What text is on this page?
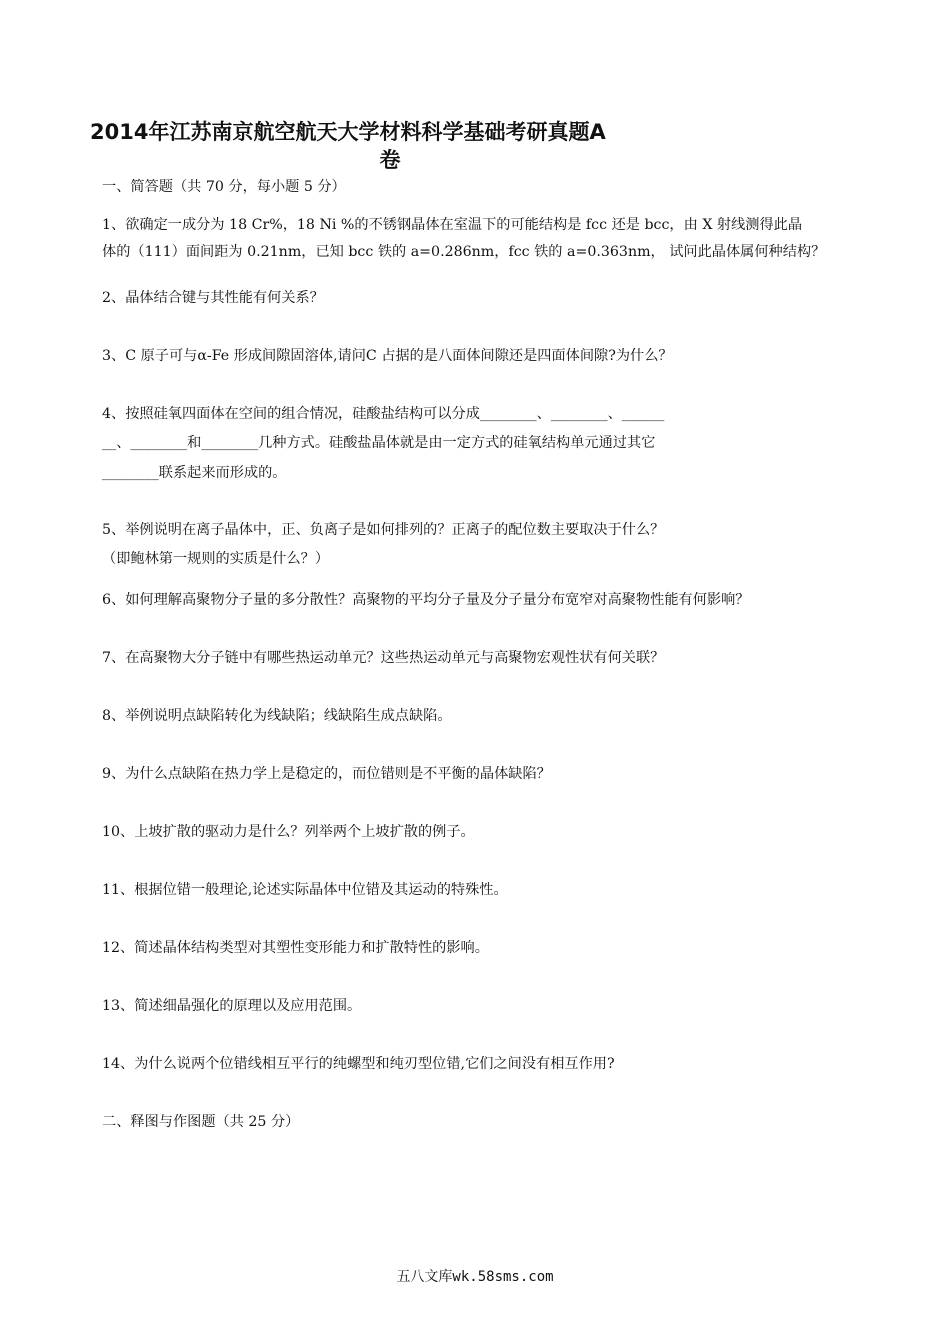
2014年江苏南京航空航天大学材料科学基础考研真题A
卷
一、简答题（共 70 分，每小题 5 分）
1、欲确定一成分为 18 Cr%，18 Ni %的不锈钢晶体在室温下的可能结构是 fcc 还是 bcc，由 X 射线测得此晶
体的（111）面间距为 0.21nm，已知 bcc 铁的 a=0.286nm，fcc 铁的 a=0.363nm， 试问此晶体属何种结构？
2、晶体结合键与其性能有何关系？
3、C 原子可与α-Fe 形成间隙固溶体,请问C 占据的是八面体间隙还是四面体间隙?为什么？
4、按照硅氧四面体在空间的组合情况，硅酸盐结构可以分成________、________、______
__、________和________几种方式。硅酸盐晶体就是由一定方式的硅氧结构单元通过其它
________联系起来而形成的。
5、举例说明在离子晶体中，正、负离子是如何排列的？正离子的配位数主要取决于什么？
（即鲍林第一规则的实质是什么？）
6、如何理解高聚物分子量的多分散性？高聚物的平均分子量及分子量分布宽窄对高聚物性能有何影响？
7、在高聚物大分子链中有哪些热运动单元？这些热运动单元与高聚物宏观性状有何关联？
8、举例说明点缺陷转化为线缺陷；线缺陷生成点缺陷。
9、为什么点缺陷在热力学上是稳定的，而位错则是不平衡的晶体缺陷？
10、上坡扩散的驱动力是什么？列举两个上坡扩散的例子。
11、根据位错一般理论,论述实际晶体中位错及其运动的特殊性。
12、简述晶体结构类型对其塑性变形能力和扩散特性的影响。
13、简述细晶强化的原理以及应用范围。
14、为什么说两个位错线相互平行的纯螺型和纯刃型位错,它们之间没有相互作用?
二、释图与作图题（共 25 分）
五八文库wk.58sms.com
